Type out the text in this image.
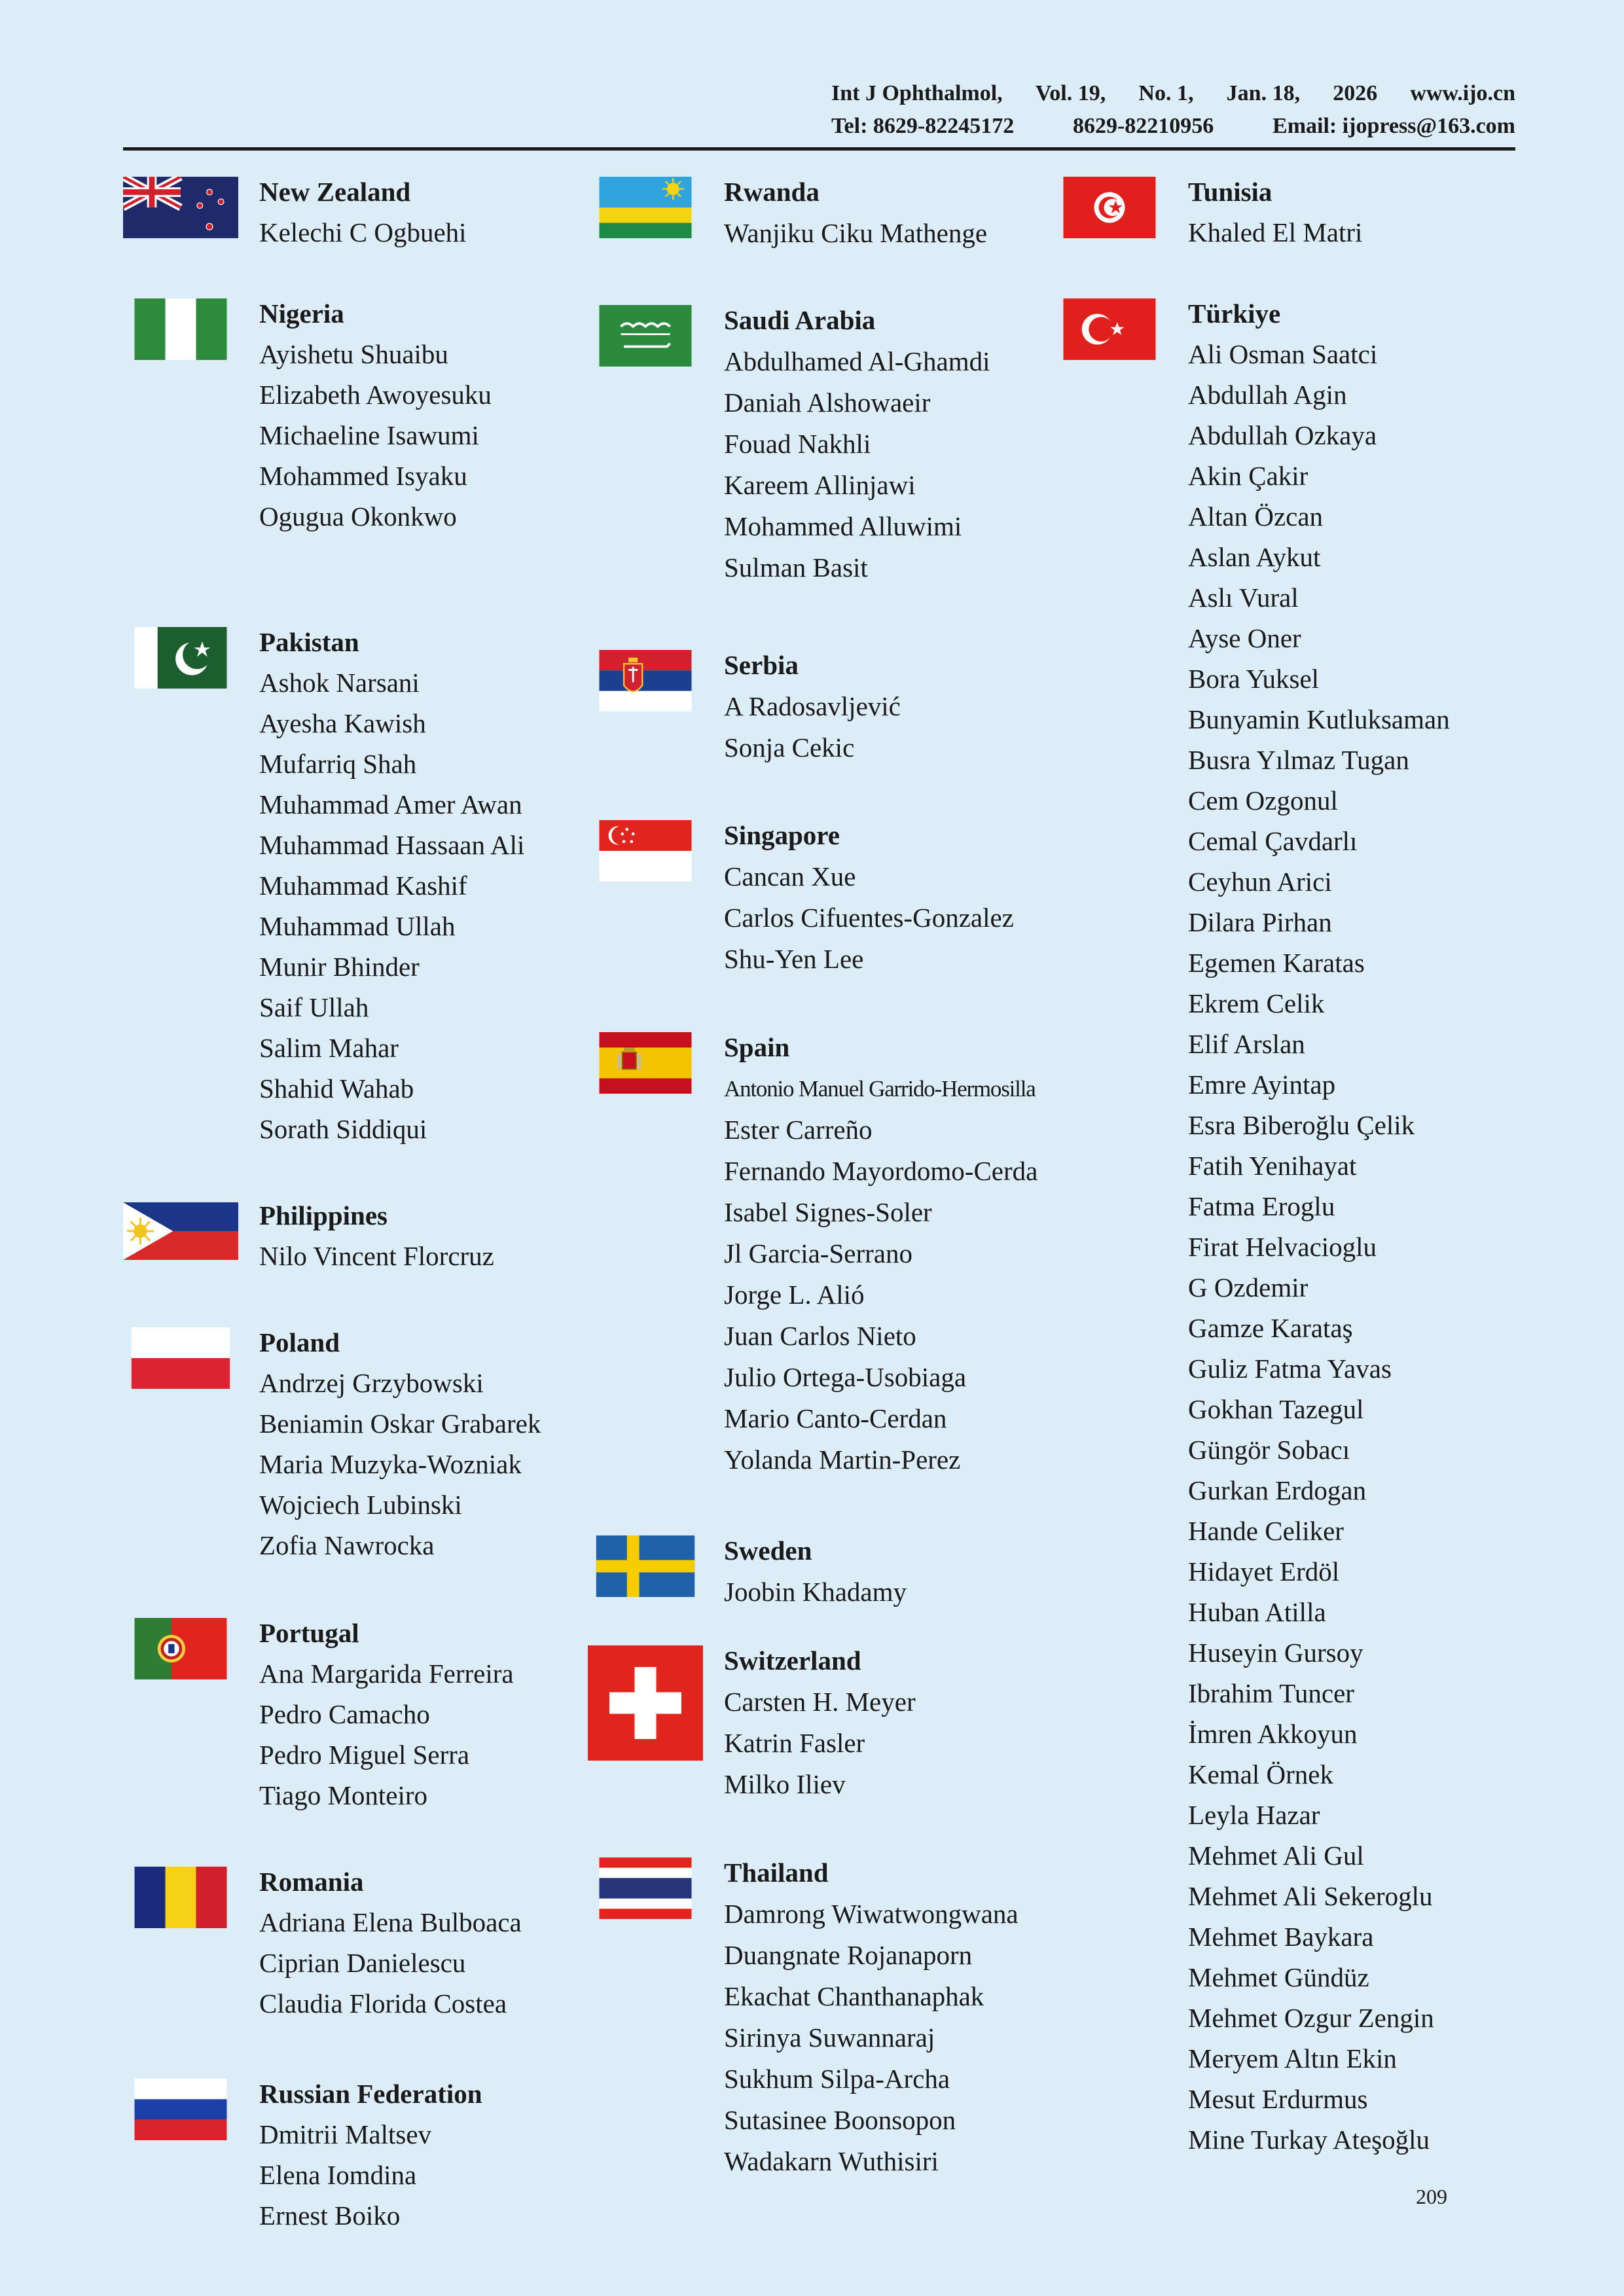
Int J Ophthalmol, Vol. 19, No. 1, Jan. 18, 2026 www.ijo.cn
Tel: 8629-82245172	8629-82210956	Email: ijopress@163.com
New Zealand
Kelechi C Ogbuehi
Nigeria
Ayishetu Shuaibu
Elizabeth Awoyesuku
Michaeline Isawumi
Mohammed Isyaku
Ogugua Okonkwo
Pakistan
Ashok Narsani
Ayesha Kawish
Mufarriq Shah
Muhammad Amer Awan
Muhammad Hassaan Ali
Muhammad Kashif
Muhammad Ullah
Munir Bhinder
Saif Ullah
Salim Mahar
Shahid Wahab
Sorath Siddiqui
Philippines
Nilo Vincent Florcruz
Poland
Andrzej Grzybowski
Beniamin Oskar Grabarek
Maria Muzyka-Wozniak
Wojciech Lubinski
Zofia Nawrocka
Portugal
Ana Margarida Ferreira
Pedro Camacho
Pedro Miguel Serra
Tiago Monteiro
Romania
Adriana Elena Bulboaca
Ciprian Danielescu
Claudia Florida Costea
Russian Federation
Dmitrii Maltsev
Elena Iomdina
Ernest Boiko
Rwanda
Wanjiku Ciku Mathenge
Saudi Arabia
Abdulhamed Al-Ghamdi
Daniah Alshowaeir
Fouad Nakhli
Kareem Allinjawi
Mohammed Alluwimi
Sulman Basit
Serbia
A Radosavljević
Sonja Cekic
Singapore
Cancan Xue
Carlos Cifuentes-Gonzalez
Shu-Yen Lee
Spain
Antonio Manuel Garrido-Hermosilla
Ester Carreño
Fernando Mayordomo-Cerda
Isabel Signes-Soler
Jl Garcia-Serrano
Jorge L. Alió
Juan Carlos Nieto
Julio Ortega-Usobiaga
Mario Canto-Cerdan
Yolanda Martin-Perez
Sweden
Joobin Khadamy
Switzerland
Carsten H. Meyer
Katrin Fasler
Milko Iliev
Thailand
Damrong Wiwatwongwana
Duangnate Rojanaporn
Ekachat Chanthanaphak
Sirinya Suwannaraj
Sukhum Silpa-Archa
Sutasinee Boonsopon
Wadakarn Wuthisiri
Tunisia
Khaled El Matri
Türkiye
Ali Osman Saatci
Abdullah Agin
Abdullah Ozkaya
Akin Çakir
Altan Özcan
Aslan Aykut
Aslı Vural
Ayse Oner
Bora Yuksel
Bunyamin Kutluksaman
Busra Yılmaz Tugan
Cem Ozgonul
Cemal Çavdarlı
Ceyhun Arici
Dilara Pirhan
Egemen Karatas
Ekrem Celik
Elif Arslan
Emre Ayintap
Esra Biberoğlu Çelik
Fatih Yenihayat
Fatma Eroglu
Firat Helvacioglu
G Ozdemir
Gamze Karataş
Guliz Fatma Yavas
Gokhan Tazegul
Güngör Sobacı
Gurkan Erdogan
Hande Celiker
Hidayet Erdöl
Huban Atilla
Huseyin Gursoy
Ibrahim Tuncer
İmren Akkoyun
Kemal Örnek
Leyla Hazar
Mehmet Ali Gul
Mehmet Ali Sekeroglu
Mehmet Baykara
Mehmet Gündüz
Mehmet Ozgur Zengin
Meryem Altın Ekin
Mesut Erdurmus
Mine Turkay Ateşoğlu
209
